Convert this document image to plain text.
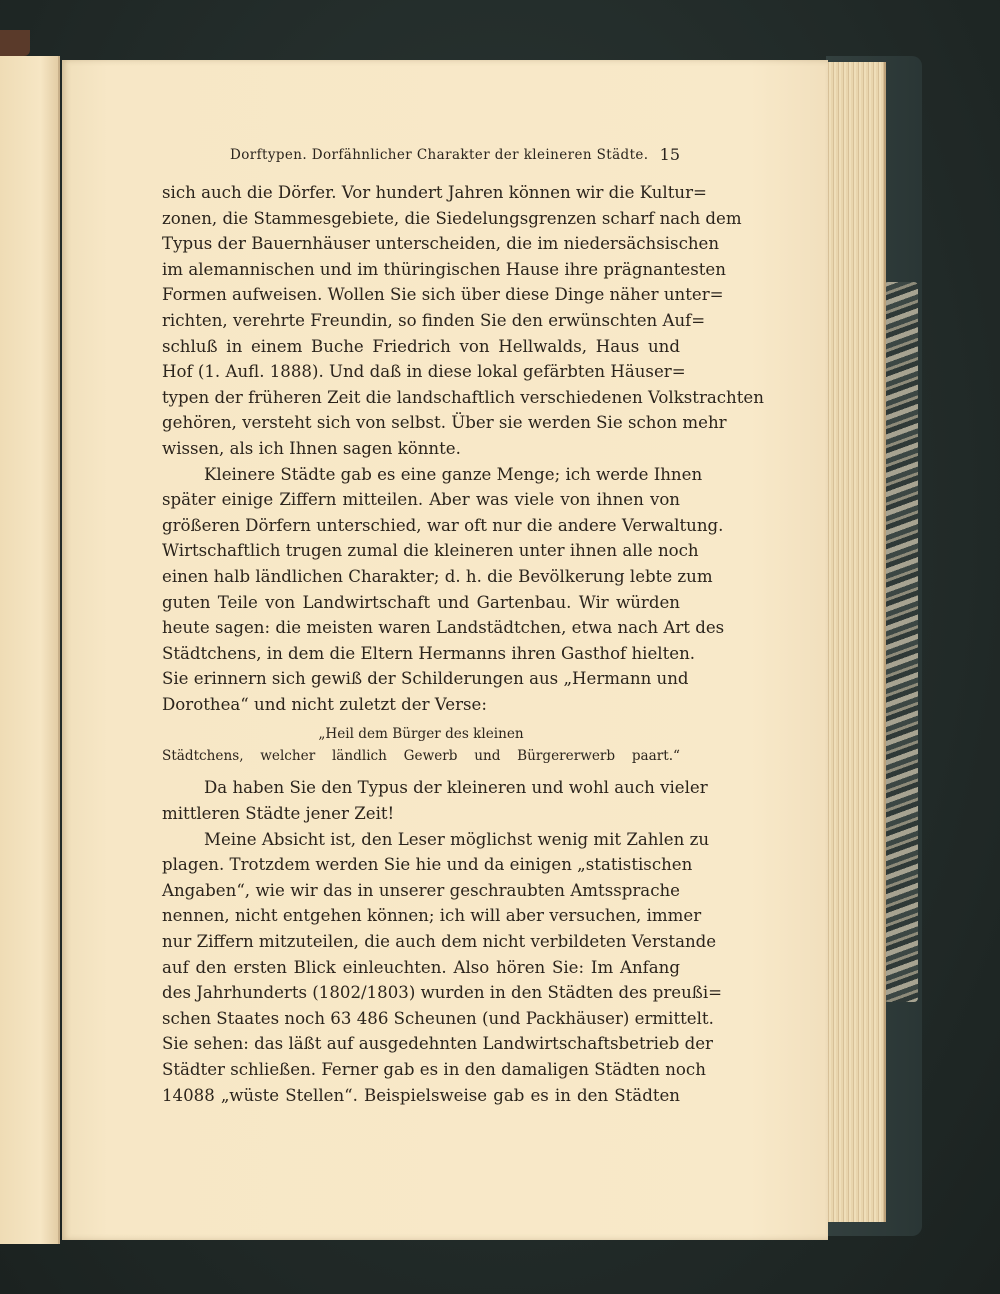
Dorftypen. Dorfähnlicher Charakter der kleineren Städte. 15
sich auch die Dörfer. Vor hundert Jahren können wir die Kultur=
zonen, die Stammesgebiete, die Siedelungsgrenzen scharf nach dem
Typus der Bauernhäuser unterscheiden, die im niedersächsischen
im alemannischen und im thüringischen Hause ihre prägnantesten
Formen aufweisen. Wollen Sie sich über diese Dinge näher unter=
richten, verehrte Freundin, so finden Sie den erwünschten Auf=
schluß in einem Buche Friedrich von Hellwalds, Haus und
Hof (1. Aufl. 1888). Und daß in diese lokal gefärbten Häuser=
typen der früheren Zeit die landschaftlich verschiedenen Volkstrachten
gehören, versteht sich von selbst. Über sie werden Sie schon mehr
wissen, als ich Ihnen sagen könnte.
Kleinere Städte gab es eine ganze Menge; ich werde Ihnen
später einige Ziffern mitteilen. Aber was viele von ihnen von
größeren Dörfern unterschied, war oft nur die andere Verwaltung.
Wirtschaftlich trugen zumal die kleineren unter ihnen alle noch
einen halb ländlichen Charakter; d. h. die Bevölkerung lebte zum
guten Teile von Landwirtschaft und Gartenbau. Wir würden
heute sagen: die meisten waren Landstädtchen, etwa nach Art des
Städtchens, in dem die Eltern Hermanns ihren Gasthof hielten.
Sie erinnern sich gewiß der Schilderungen aus „Hermann und
Dorothea“ und nicht zuletzt der Verse:
„Heil dem Bürger des kleinen
Städtchens, welcher ländlich Gewerb und Bürgererwerb paart.“
Da haben Sie den Typus der kleineren und wohl auch vieler
mittleren Städte jener Zeit!
Meine Absicht ist, den Leser möglichst wenig mit Zahlen zu
plagen. Trotzdem werden Sie hie und da einigen „statistischen
Angaben“, wie wir das in unserer geschraubten Amtssprache
nennen, nicht entgehen können; ich will aber versuchen, immer
nur Ziffern mitzuteilen, die auch dem nicht verbildeten Verstande
auf den ersten Blick einleuchten. Also hören Sie: Im Anfang
des Jahrhunderts (1802/1803) wurden in den Städten des preußi=
schen Staates noch 63 486 Scheunen (und Packhäuser) ermittelt.
Sie sehen: das läßt auf ausgedehnten Landwirtschaftsbetrieb der
Städter schließen. Ferner gab es in den damaligen Städten noch
14088 „wüste Stellen“. Beispielsweise gab es in den Städten
